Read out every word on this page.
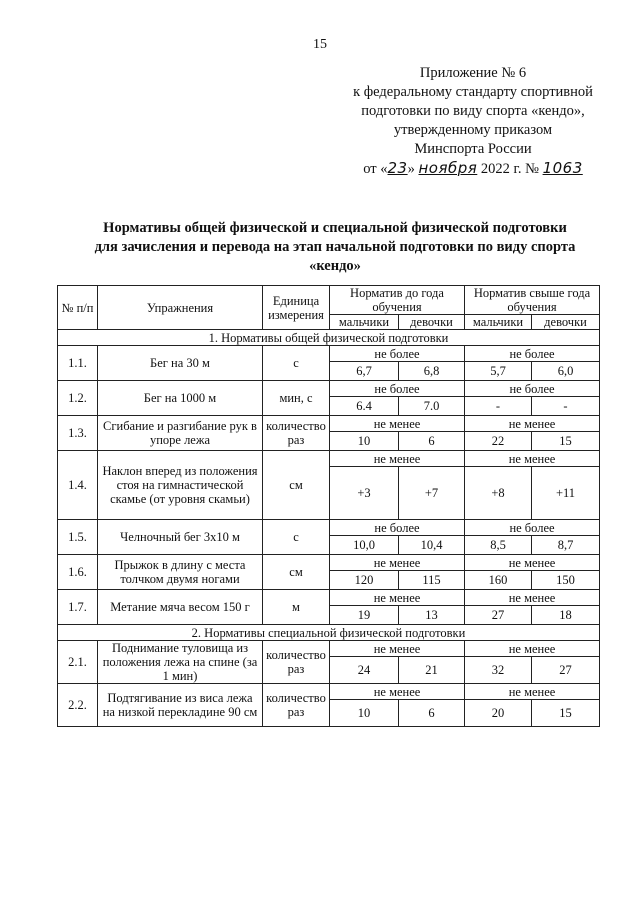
15
Приложение № 6
к федеральному стандарту спортивной
подготовки по виду спорта «кендо»,
утвержденному приказом
Минспорта России
от «23» ноября 2022 г. № 1063
Нормативы общей физической и специальной физической подготовки
для зачисления и перевода на этап начальной подготовки по виду спорта
«кендо»
№ п/п	Упражнения	Единица измерения	Норматив до года обучения		Норматив свыше года обучения	
			мальчики	девочки	мальчики	девочки
1. Нормативы общей физической подготовки						
1.1.	Бег на 30 м	с	не более		не более	
			6,7	6,8	5,7	6,0
1.2.	Бег на 1000 м	мин, с	не более		не более	
			6.4	7.0	-	-
1.3.	Сгибание и разгибание рук в упоре лежа	количество раз	не менее		не менее	
			10	6	22	15
1.4.	Наклон вперед из положения стоя на гимнастической скамье (от уровня скамьи)	см	не менее		не менее	
			+3	+7	+8	+11
1.5.	Челночный бег 3x10 м	с	не более		не более	
			10,0	10,4	8,5	8,7
1.6.	Прыжок в длину с места толчком двумя ногами	см	не менее		не менее	
			120	115	160	150
1.7.	Метание мяча весом 150 г	м	не менее		не менее	
			19	13	27	18
2. Нормативы специальной физической подготовки						
2.1.	Поднимание туловища из положения лежа на спине (за 1 мин)	количество раз	не менее		не менее	
			24	21	32	27
2.2.	Подтягивание из виса лежа на низкой перекладине 90 см	количество раз	не менее		не менее	
			10	6	20	15
